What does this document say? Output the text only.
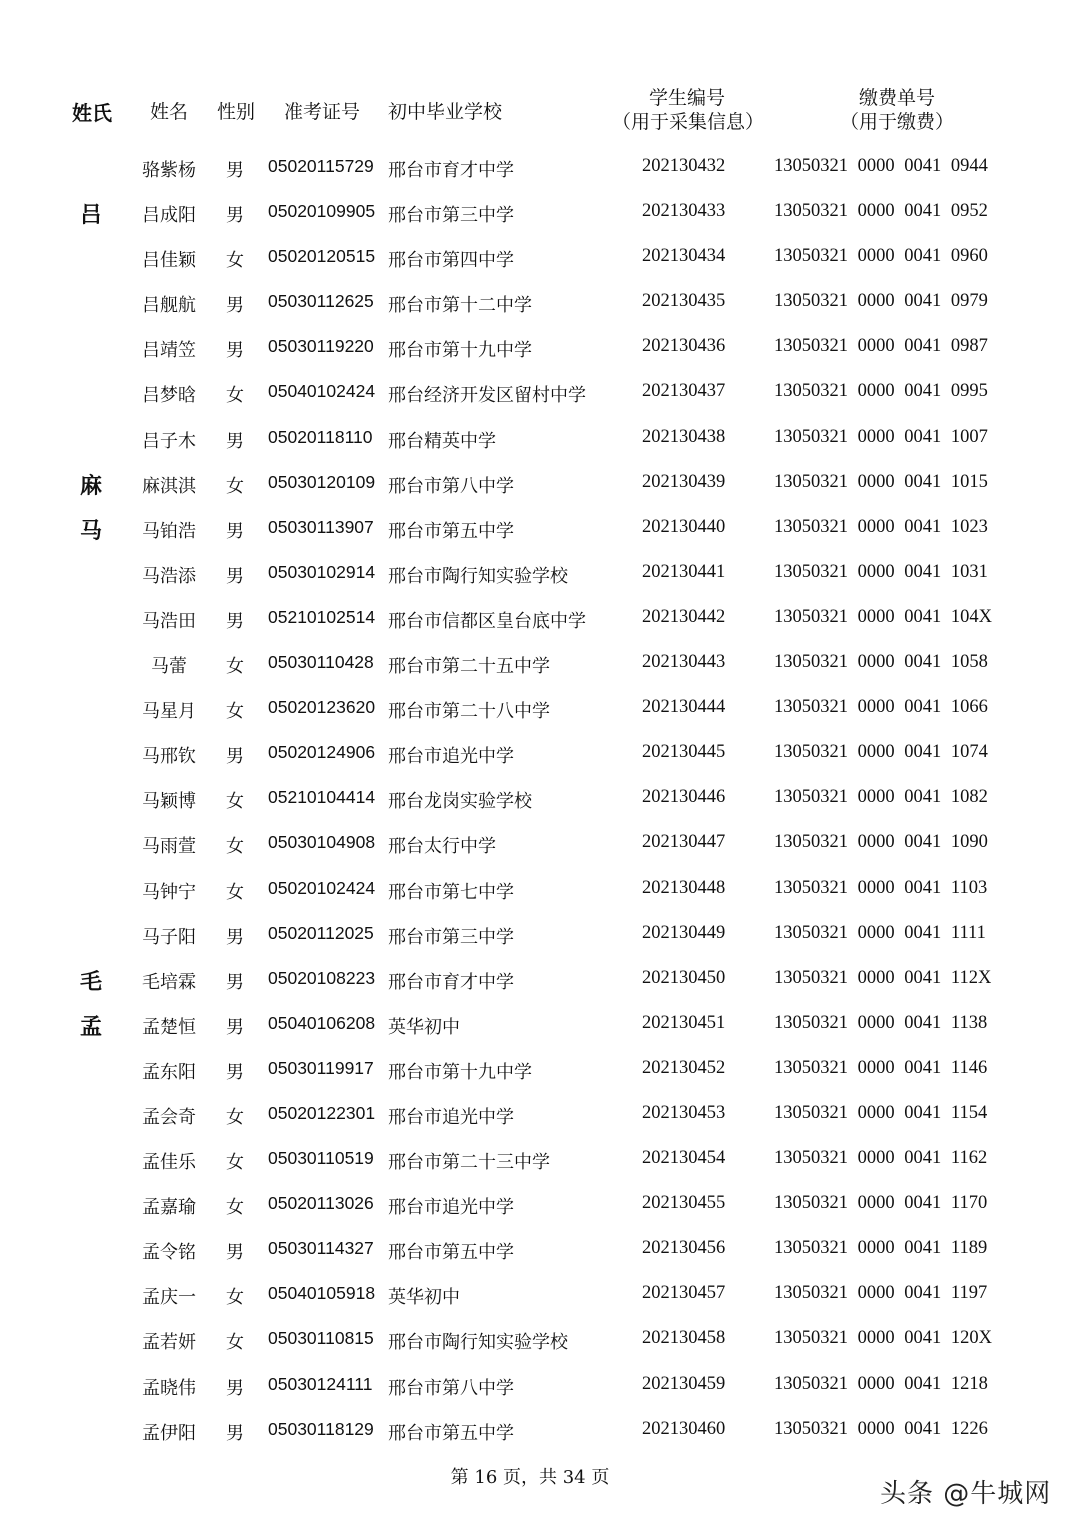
姓氏 姓名 性别 准考证号 初中毕业学校
学生编号
（用于采集信息）
缴费单号
（用于缴费）
骆紫杨	男 05020115729 邢台市育才中学	202130432	13050321 0000 0041 0944
吕	吕成阳	男 05020109905 邢台市第三中学	202130433	13050321 0000 0041 0952
吕佳颖	女 05020120515 邢台市第四中学	202130434	13050321 0000 0041 0960
吕舰航	男 05030112625 邢台市第十二中学	202130435	13050321 0000 0041 0979
吕靖笠	男 05030119220 邢台市第十九中学	202130436	13050321 0000 0041 0987
吕梦晗	女 05040102424 邢台经济开发区留村中学	202130437	13050321 0000 0041 0995
吕子木	男 05020118110 邢台精英中学	202130438	13050321 0000 0041 1007
麻	麻淇淇	女 05030120109 邢台市第八中学	202130439	13050321 0000 0041 1015
马	马铂浩	男 05030113907 邢台市第五中学	202130440	13050321 0000 0041 1023
马浩添	男 05030102914 邢台市陶行知实验学校	202130441	13050321 0000 0041 1031
马浩田	男 05210102514 邢台市信都区皇台底中学	202130442	13050321 0000 0041 104X
马蕾	女 05030110428 邢台市第二十五中学	202130443	13050321 0000 0041 1058
马星月	女 05020123620 邢台市第二十八中学	202130444	13050321 0000 0041 1066
马邢钦	男 05020124906 邢台市追光中学	202130445	13050321 0000 0041 1074
马颖博	女 05210104414 邢台龙岗实验学校	202130446	13050321 0000 0041 1082
马雨萱	女 05030104908 邢台太行中学	202130447	13050321 0000 0041 1090
马钟宁	女 05020102424 邢台市第七中学	202130448	13050321 0000 0041 1103
马子阳	男 05020112025 邢台市第三中学	202130449	13050321 0000 0041 1111
毛	毛培霖	男 05020108223 邢台市育才中学	202130450	13050321 0000 0041 112X
孟	孟楚恒	男 05040106208 英华初中	202130451	13050321 0000 0041 1138
孟东阳	男 05030119917 邢台市第十九中学	202130452	13050321 0000 0041 1146
孟会奇	女 05020122301 邢台市追光中学	202130453	13050321 0000 0041 1154
孟佳乐	女 05030110519 邢台市第二十三中学	202130454	13050321 0000 0041 1162
孟嘉瑜	女 05020113026 邢台市追光中学	202130455	13050321 0000 0041 1170
孟令铭	男 05030114327 邢台市第五中学	202130456	13050321 0000 0041 1189
孟庆一	女 05040105918 英华初中	202130457	13050321 0000 0041 1197
孟若妍	女 05030110815 邢台市陶行知实验学校	202130458	13050321 0000 0041 120X
孟晓伟	男 05030124111 邢台市第八中学	202130459	13050321 0000 0041 1218
孟伊阳	男 05030118129 邢台市第五中学	202130460	13050321 0000 0041 1226
第 16 页，共 34 页
头条 @牛城网
